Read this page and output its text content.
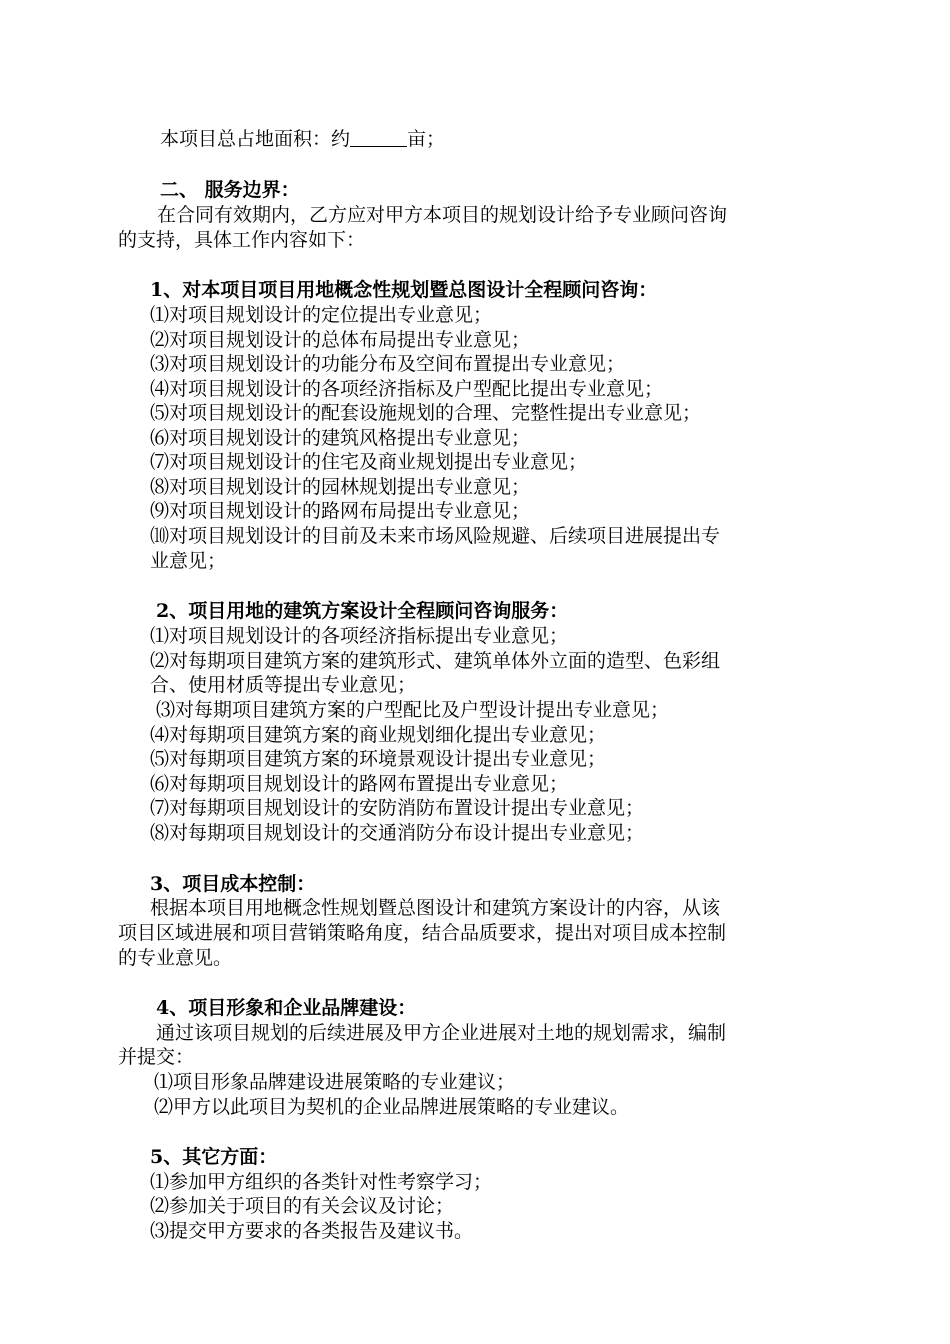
本项目总占地面积：约	亩；
二、 服务边界：
在合同有效期内，乙方应对甲方本项目的规划设计给予专业顾问咨询
的支持，具体工作内容如下：
1、对本项目项目用地概念性规划暨总图设计全程顾问咨询：
⑴对项目规划设计的定位提出专业意见；
⑵对项目规划设计的总体布局提出专业意见；
⑶对项目规划设计的功能分布及空间布置提出专业意见；
⑷对项目规划设计的各项经济指标及户型配比提出专业意见；
⑸对项目规划设计的配套设施规划的合理、完整性提出专业意见；
⑹对项目规划设计的建筑风格提出专业意见；
⑺对项目规划设计的住宅及商业规划提出专业意见；
⑻对项目规划设计的园林规划提出专业意见；
⑼对项目规划设计的路网布局提出专业意见；
⑽对项目规划设计的目前及未来市场风险规避、后续项目进展提出专
业意见；
2、项目用地的建筑方案设计全程顾问咨询服务：
⑴对项目规划设计的各项经济指标提出专业意见；
⑵对每期项目建筑方案的建筑形式、建筑单体外立面的造型、色彩组
合、使用材质等提出专业意见；
⑶对每期项目建筑方案的户型配比及户型设计提出专业意见；
⑷对每期项目建筑方案的商业规划细化提出专业意见；
⑸对每期项目建筑方案的环境景观设计提出专业意见；
⑹对每期项目规划设计的路网布置提出专业意见；
⑺对每期项目规划设计的安防消防布置设计提出专业意见；
⑻对每期项目规划设计的交通消防分布设计提出专业意见；
3、项目成本控制：
根据本项目用地概念性规划暨总图设计和建筑方案设计的内容，从该
项目区域进展和项目营销策略角度，结合品质要求，提出对项目成本控制
的专业意见。
4、项目形象和企业品牌建设：
通过该项目规划的后续进展及甲方企业进展对土地的规划需求，编制
并提交：
⑴项目形象品牌建设进展策略的专业建议；
⑵甲方以此项目为契机的企业品牌进展策略的专业建议。
5、其它方面：
⑴参加甲方组织的各类针对性考察学习；
⑵参加关于项目的有关会议及讨论；
⑶提交甲方要求的各类报告及建议书。
